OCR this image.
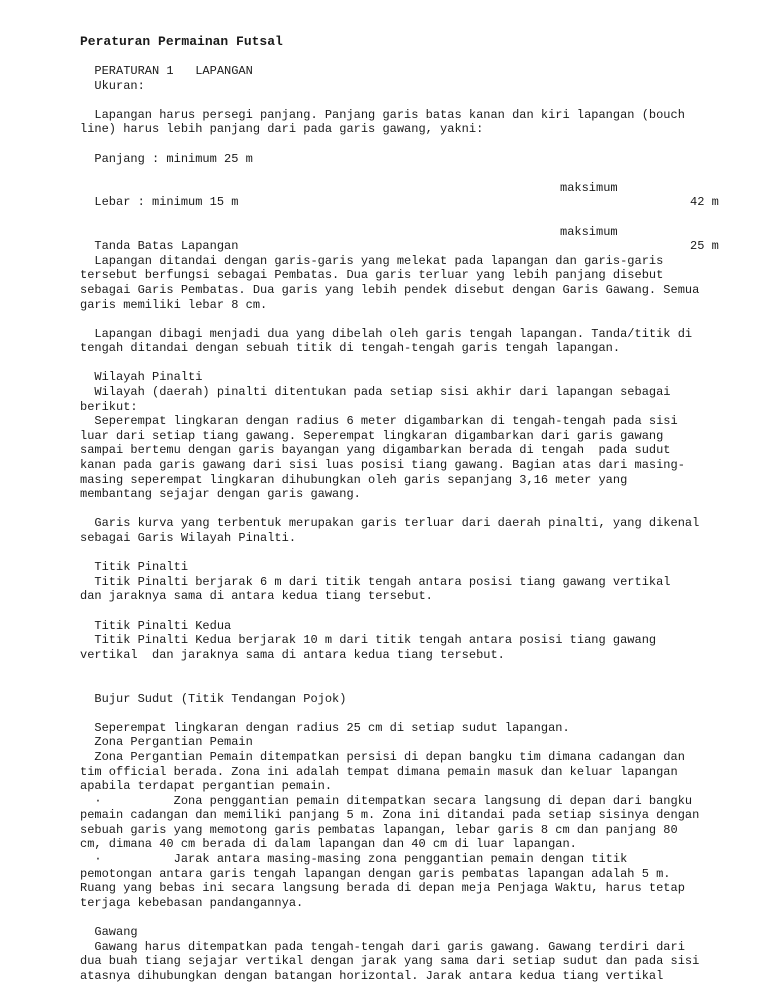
Peraturan Permainan Futsal
PERATURAN 1   LAPANGAN
Ukuran:
Lapangan harus persegi panjang. Panjang garis batas kanan dan kiri lapangan (bouch
line) harus lebih panjang dari pada garis gawang, yakni:
Panjang : minimum 25 m

maksimum

42 m

Lebar : minimum 15 m

maksimum

25 m

Tanda Batas Lapangan
Lapangan ditandai dengan garis-garis yang melekat pada lapangan dan garis-garis
tersebut berfungsi sebagai Pembatas. Dua garis terluar yang lebih panjang disebut
sebagai Garis Pembatas. Dua garis yang lebih pendek disebut dengan Garis Gawang. Semua
garis memiliki lebar 8 cm.
Lapangan dibagi menjadi dua yang dibelah oleh garis tengah lapangan. Tanda/titik di
tengah ditandai dengan sebuah titik di tengah-tengah garis tengah lapangan.
Wilayah Pinalti
Wilayah (daerah) pinalti ditentukan pada setiap sisi akhir dari lapangan sebagai
berikut:
Seperempat lingkaran dengan radius 6 meter digambarkan di tengah-tengah pada sisi
luar dari setiap tiang gawang. Seperempat lingkaran digambarkan dari garis gawang
sampai bertemu dengan garis bayangan yang digambarkan berada di tengah  pada sudut
kanan pada garis gawang dari sisi luas posisi tiang gawang. Bagian atas dari masing-
masing seperempat lingkaran dihubungkan oleh garis sepanjang 3,16 meter yang
membantang sejajar dengan garis gawang.
Garis kurva yang terbentuk merupakan garis terluar dari daerah pinalti, yang dikenal
sebagai Garis Wilayah Pinalti.
Titik Pinalti
Titik Pinalti berjarak 6 m dari titik tengah antara posisi tiang gawang vertikal
dan jaraknya sama di antara kedua tiang tersebut.
Titik Pinalti Kedua
Titik Pinalti Kedua berjarak 10 m dari titik tengah antara posisi tiang gawang
vertikal  dan jaraknya sama di antara kedua tiang tersebut.
Bujur Sudut (Titik Tendangan Pojok)
Seperempat lingkaran dengan radius 25 cm di setiap sudut lapangan.
Zona Pergantian Pemain
Zona Pergantian Pemain ditempatkan persisi di depan bangku tim dimana cadangan dan
tim official berada. Zona ini adalah tempat dimana pemain masuk dan keluar lapangan
apabila terdapat pergantian pemain.
·          Zona penggantian pemain ditempatkan secara langsung di depan dari bangku
pemain cadangan dan memiliki panjang 5 m. Zona ini ditandai pada setiap sisinya dengan
sebuah garis yang memotong garis pembatas lapangan, lebar garis 8 cm dan panjang 80
cm, dimana 40 cm berada di dalam lapangan dan 40 cm di luar lapangan.
·          Jarak antara masing-masing zona penggantian pemain dengan titik
pemotongan antara garis tengah lapangan dengan garis pembatas lapangan adalah 5 m.
Ruang yang bebas ini secara langsung berada di depan meja Penjaga Waktu, harus tetap
terjaga kebebasan pandangannya.
Gawang
Gawang harus ditempatkan pada tengah-tengah dari garis gawang. Gawang terdiri dari
dua buah tiang sejajar vertikal dengan jarak yang sama dari setiap sudut dan pada sisi
atasnya dihubungkan dengan batangan horizontal. Jarak antara kedua tiang vertikal
